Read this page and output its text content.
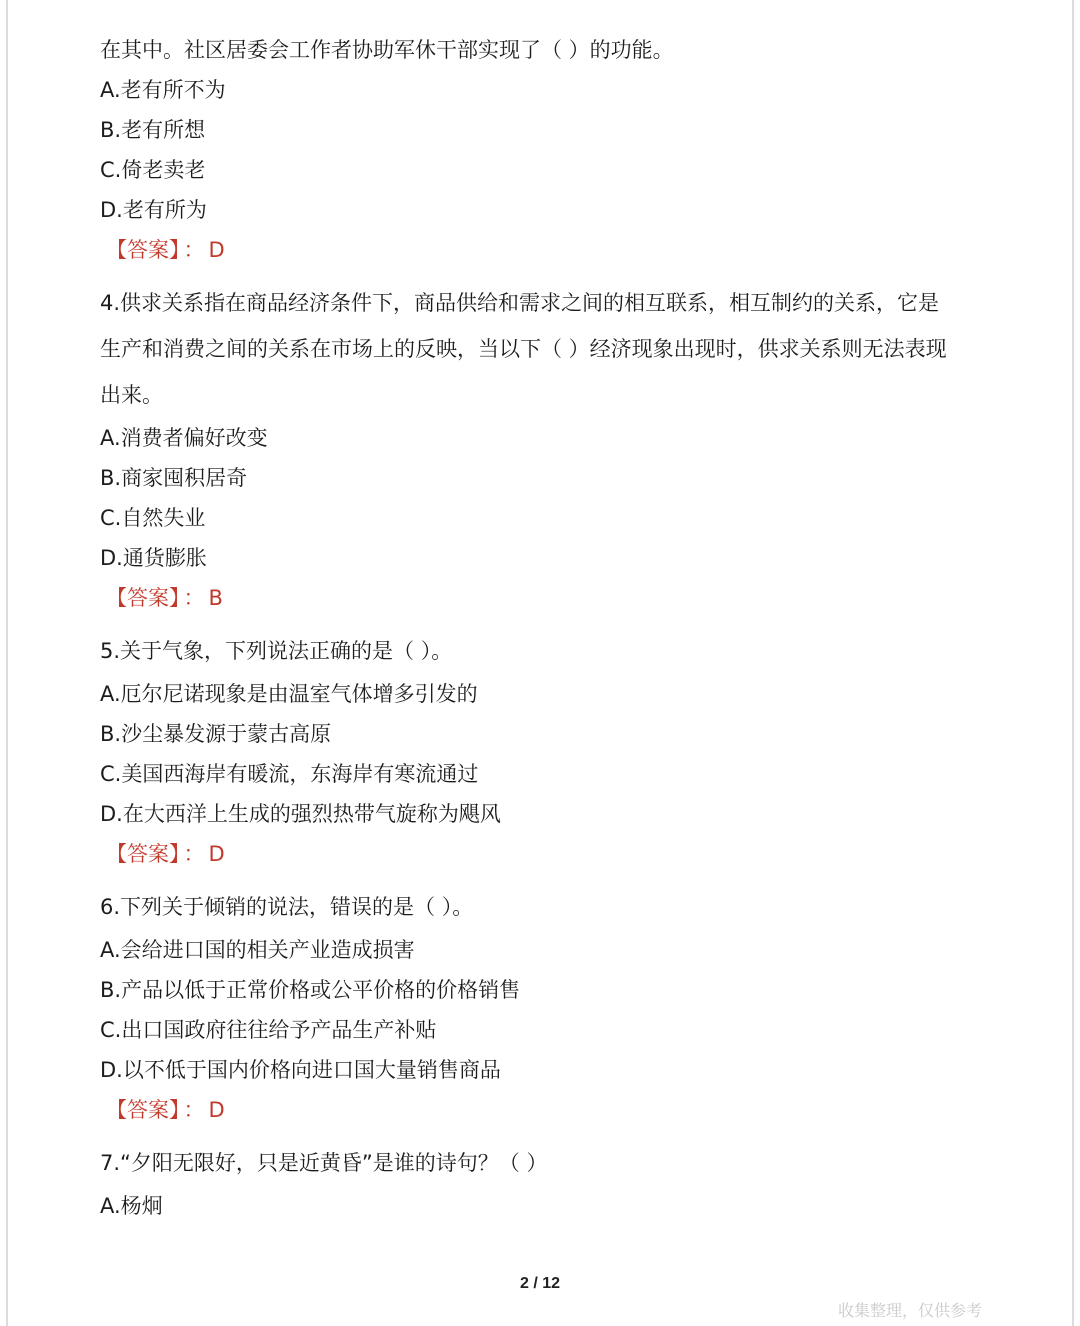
在其中。社区居委会工作者协助军休干部实现了（ ）的功能。
A.老有所不为
B.老有所想
C.倚老卖老
D.老有所为
【答案】 ： D
4.供求关系指在商品经济条件下，商品供给和需求之间的相互联系，相互制约的关系，它是
生产和消费之间的关系在市场上的反映，当以下（ ）经济现象出现时，供求关系则无法表现
出来。
A.消费者偏好改变
B.商家囤积居奇
C.自然失业
D.通货膨胀
【答案】 ： B
5.关于气象，下列说法正确的是（ ）。
A.厄尔尼诺现象是由温室气体增多引发的
B.沙尘暴发源于蒙古高原
C.美国西海岸有暖流，东海岸有寒流通过
D.在大西洋上生成的强烈热带气旋称为飓风
【答案】 ： D
6.下列关于倾销的说法，错误的是（ ）。
A.会给进口国的相关产业造成损害
B.产品以低于正常价格或公平价格的价格销售
C.出口国政府往往给予产品生产补贴
D.以不低于国内价格向进口国大量销售商品
【答案】 ： D
7.“夕阳无限好，只是近黄昏”是谁的诗句？（ ）
A.杨炯
2 / 12
收集整理，仅供参考
